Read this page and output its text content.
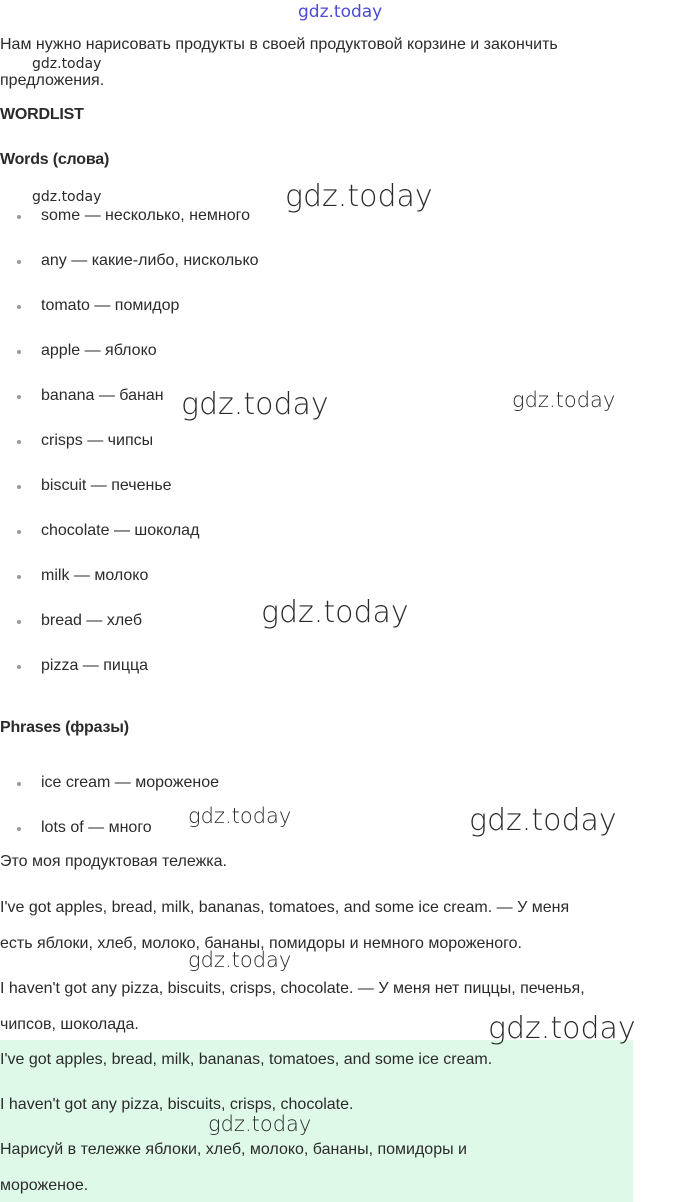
gdz.today
Нам нужно нарисовать продукты в своей продуктовой корзине и закончить
предложения.
WORDLIST
Words (слова)
some — несколько, немного
any — какие-либо, нисколько
tomato — помидор
apple — яблоко
banana — банан
crisps — чипсы
biscuit — печенье
chocolate — шоколад
milk — молоко
bread — хлеб
pizza — пицца
Phrases (фразы)
ice cream — мороженое
lots of — много
Это моя продуктовая тележка.
I've got apples, bread, milk, bananas, tomatoes, and some ice cream. — У меня
есть яблоки, хлеб, молоко, бананы, помидоры и немного мороженого.
I haven't got any pizza, biscuits, crisps, chocolate. — У меня нет пиццы, печенья,
чипсов, шоколада.
I've got apples, bread, milk, bananas, tomatoes, and some ice cream.
I haven't got any pizza, biscuits, crisps, chocolate.
Нарисуй в тележке яблоки, хлеб, молоко, бананы, помидоры и
мороженое.
gdz.today
gdz.today	gdz.today
gdz.today	gdz.today
gdz.today
gdz.today	gdz.today
gdz.today
gdz.today
gdz.today
